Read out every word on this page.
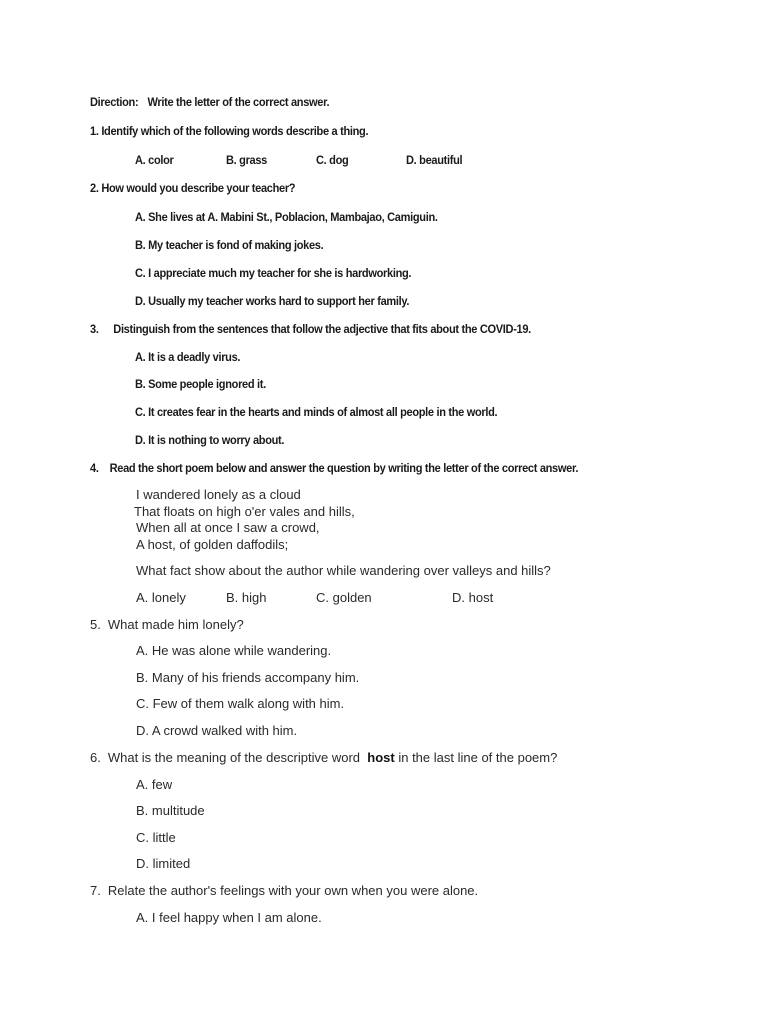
Direction: Write the letter of the correct answer.
1. Identify which of the following words describe a thing.
A. color	B. grass	C. dog	D. beautiful
2. How would you describe your teacher?
A. She lives at A. Mabini St., Poblacion, Mambajao, Camiguin.
B. My teacher is fond of making jokes.
C. I appreciate much my teacher for she is hardworking.
D. Usually my teacher works hard to support her family.
3. Distinguish from the sentences that follow the adjective that fits about the COVID-19.
A. It is a deadly virus.
B. Some people ignored it.
C. It creates fear in the hearts and minds of almost all people in the world.
D. It is nothing to worry about.
4. Read the short poem below and answer the question by writing the letter of the correct answer.
I wandered lonely as a cloud
That floats on high o'er vales and hills,
When all at once I saw a crowd,
A host, of golden daffodils;
What fact show about the author while wandering over valleys and hills?
A. lonely	B. high	C. golden	D. host
5. What made him lonely?
A. He was alone while wandering.
B. Many of his friends accompany him.
C. Few of them walk along with him.
D. A crowd walked with him.
6. What is the meaning of the descriptive word host in the last line of the poem?
A. few
B. multitude
C. little
D. limited
7. Relate the author's feelings with your own when you were alone.
A. I feel happy when I am alone.
